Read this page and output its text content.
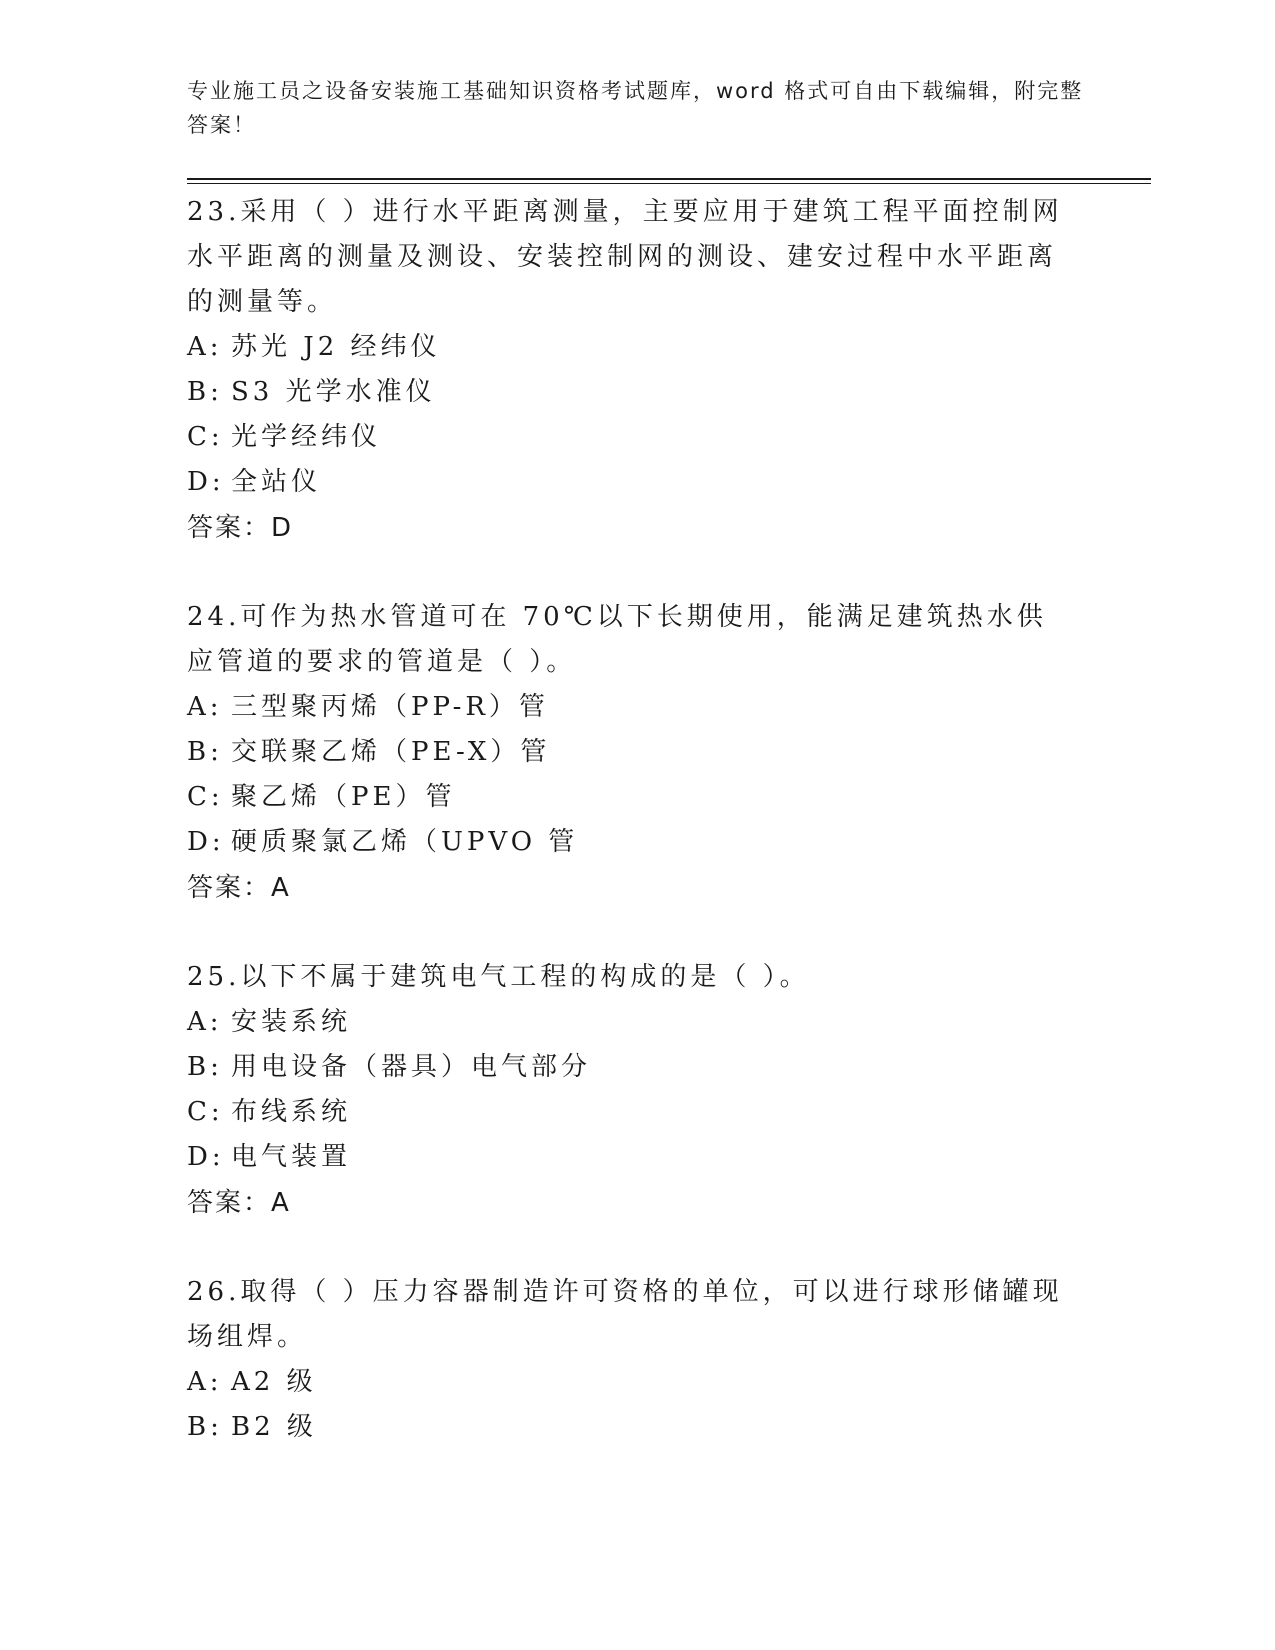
专业施工员之设备安装施工基础知识资格考试题库，word 格式可自由下载编辑，附完整答案！
23.采用（ ）进行水平距离测量，主要应用于建筑工程平面控制网水平距离的测量及测设、安装控制网的测设、建安过程中水平距离的测量等。
A: 苏光 J2 经纬仪
B: S3 光学水准仪
C: 光学经纬仪
D: 全站仪
答案：D
24.可作为热水管道可在 70℃以下长期使用，能满足建筑热水供应管道的要求的管道是（ ）。
A: 三型聚丙烯（PP-R）管
B: 交联聚乙烯（PE-X）管
C: 聚乙烯（PE）管
D: 硬质聚氯乙烯（UPVO 管
答案：A
25.以下不属于建筑电气工程的构成的是（ ）。
A: 安装系统
B: 用电设备（器具）电气部分
C: 布线系统
D: 电气装置
答案：A
26.取得（ ）压力容器制造许可资格的单位，可以进行球形储罐现场组焊。
A: A2 级
B: B2 级
